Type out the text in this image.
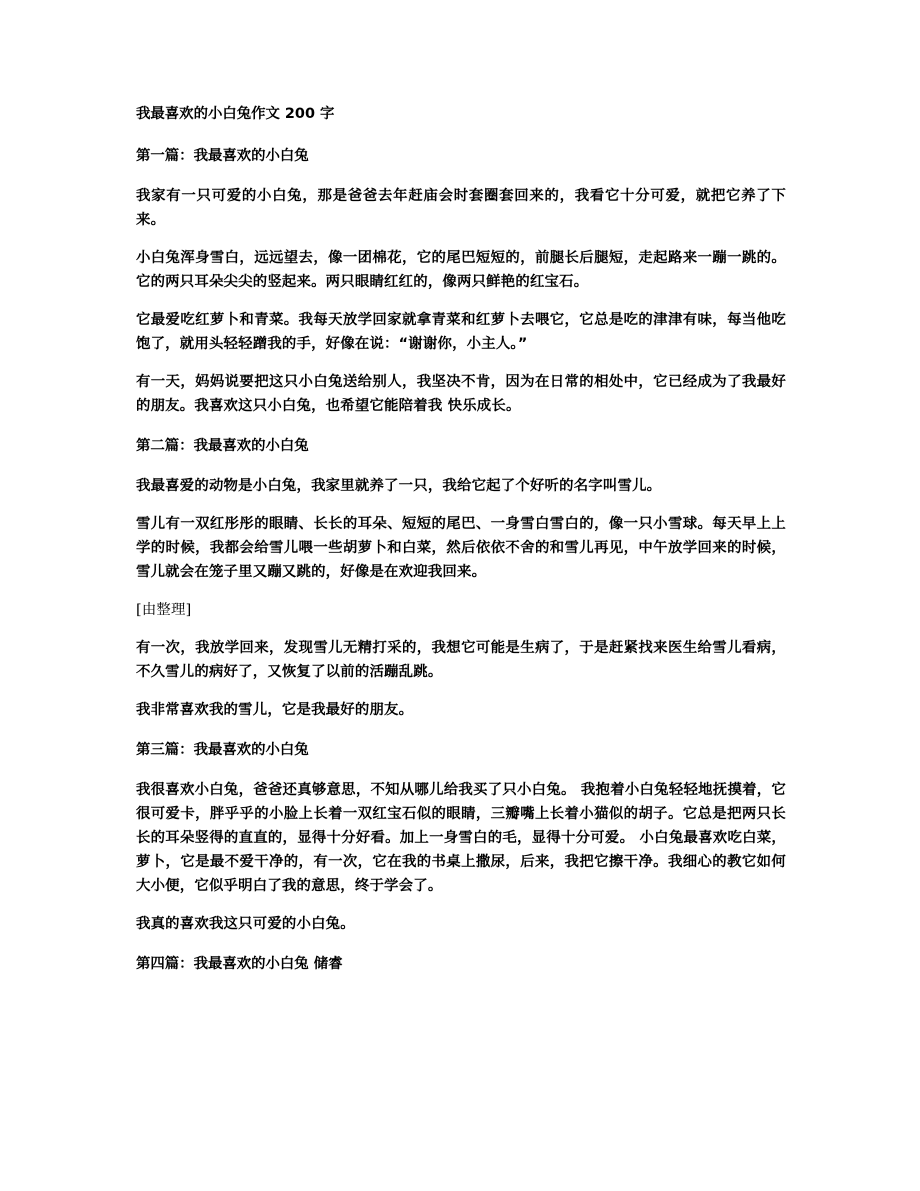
我最喜欢的小白兔作文 200 字
第一篇：我最喜欢的小白兔
我家有一只可爱的小白兔，那是爸爸去年赶庙会时套圈套回来的，我看它十分可爱，就把它养了下来。
小白兔浑身雪白，远远望去，像一团棉花，它的尾巴短短的，前腿长后腿短，走起路来一蹦一跳的。它的两只耳朵尖尖的竖起来。两只眼睛红红的，像两只鲜艳的红宝石。
它最爱吃红萝卜和青菜。我每天放学回家就拿青菜和红萝卜去喂它，它总是吃的津津有味，每当他吃饱了，就用头轻轻蹭我的手，好像在说：“谢谢你，小主人。”
有一天，妈妈说要把这只小白兔送给别人，我坚决不肯，因为在日常的相处中，它已经成为了我最好的朋友。我喜欢这只小白兔，也希望它能陪着我 快乐成长。
第二篇：我最喜欢的小白兔
我最喜爱的动物是小白兔，我家里就养了一只，我给它起了个好听的名字叫雪儿。
雪儿有一双红彤彤的眼睛、长长的耳朵、短短的尾巴、一身雪白雪白的，像一只小雪球。每天早上上学的时候，我都会给雪儿喂一些胡萝卜和白菜，然后依依不舍的和雪儿再见，中午放学回来的时候，雪儿就会在笼子里又蹦又跳的，好像是在欢迎我回来。
[由整理]
有一次，我放学回来，发现雪儿无精打采的，我想它可能是生病了，于是赶紧找来医生给雪儿看病，不久雪儿的病好了，又恢复了以前的活蹦乱跳。
我非常喜欢我的雪儿，它是我最好的朋友。
第三篇：我最喜欢的小白兔
我很喜欢小白兔，爸爸还真够意思，不知从哪儿给我买了只小白兔。 我抱着小白兔轻轻地抚摸着，它很可爱卡，胖乎乎的小脸上长着一双红宝石似的眼睛，三瓣嘴上长着小猫似的胡子。它总是把两只长长的耳朵竖得的直直的，显得十分好看。加上一身雪白的毛，显得十分可爱。 小白兔最喜欢吃白菜，萝卜，它是最不爱干净的，有一次，它在我的书桌上撒尿，后来，我把它擦干净。我细心的教它如何大小便，它似乎明白了我的意思，终于学会了。
我真的喜欢我这只可爱的小白兔。
第四篇：我最喜欢的小白兔 储睿
